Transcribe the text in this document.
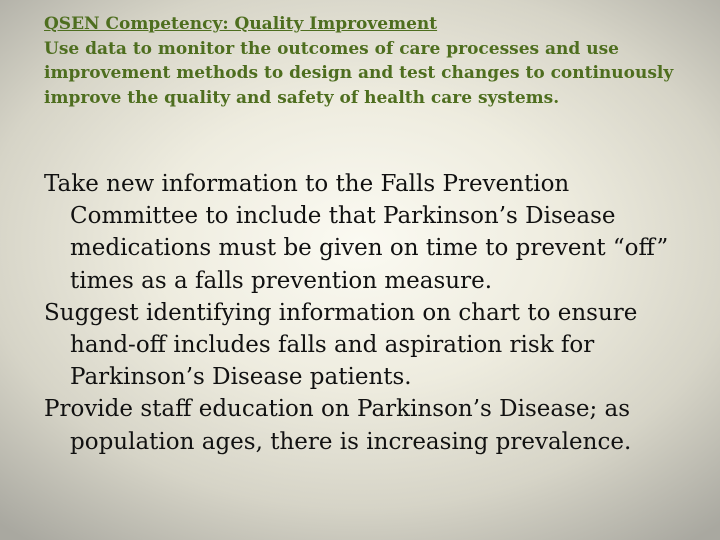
QSEN Competency: Quality Improvement
Use data to monitor the outcomes of care processes and use improvement methods to design and test changes to continuously improve the quality and safety of health care systems.
Take new information to the Falls Prevention Committee to include that Parkinson’s Disease medications must be given on time to prevent “off” times as a falls prevention measure.
Suggest identifying information on chart to ensure hand-off includes falls and aspiration risk for Parkinson’s Disease patients.
Provide staff education on Parkinson’s Disease; as population ages, there is increasing prevalence.
